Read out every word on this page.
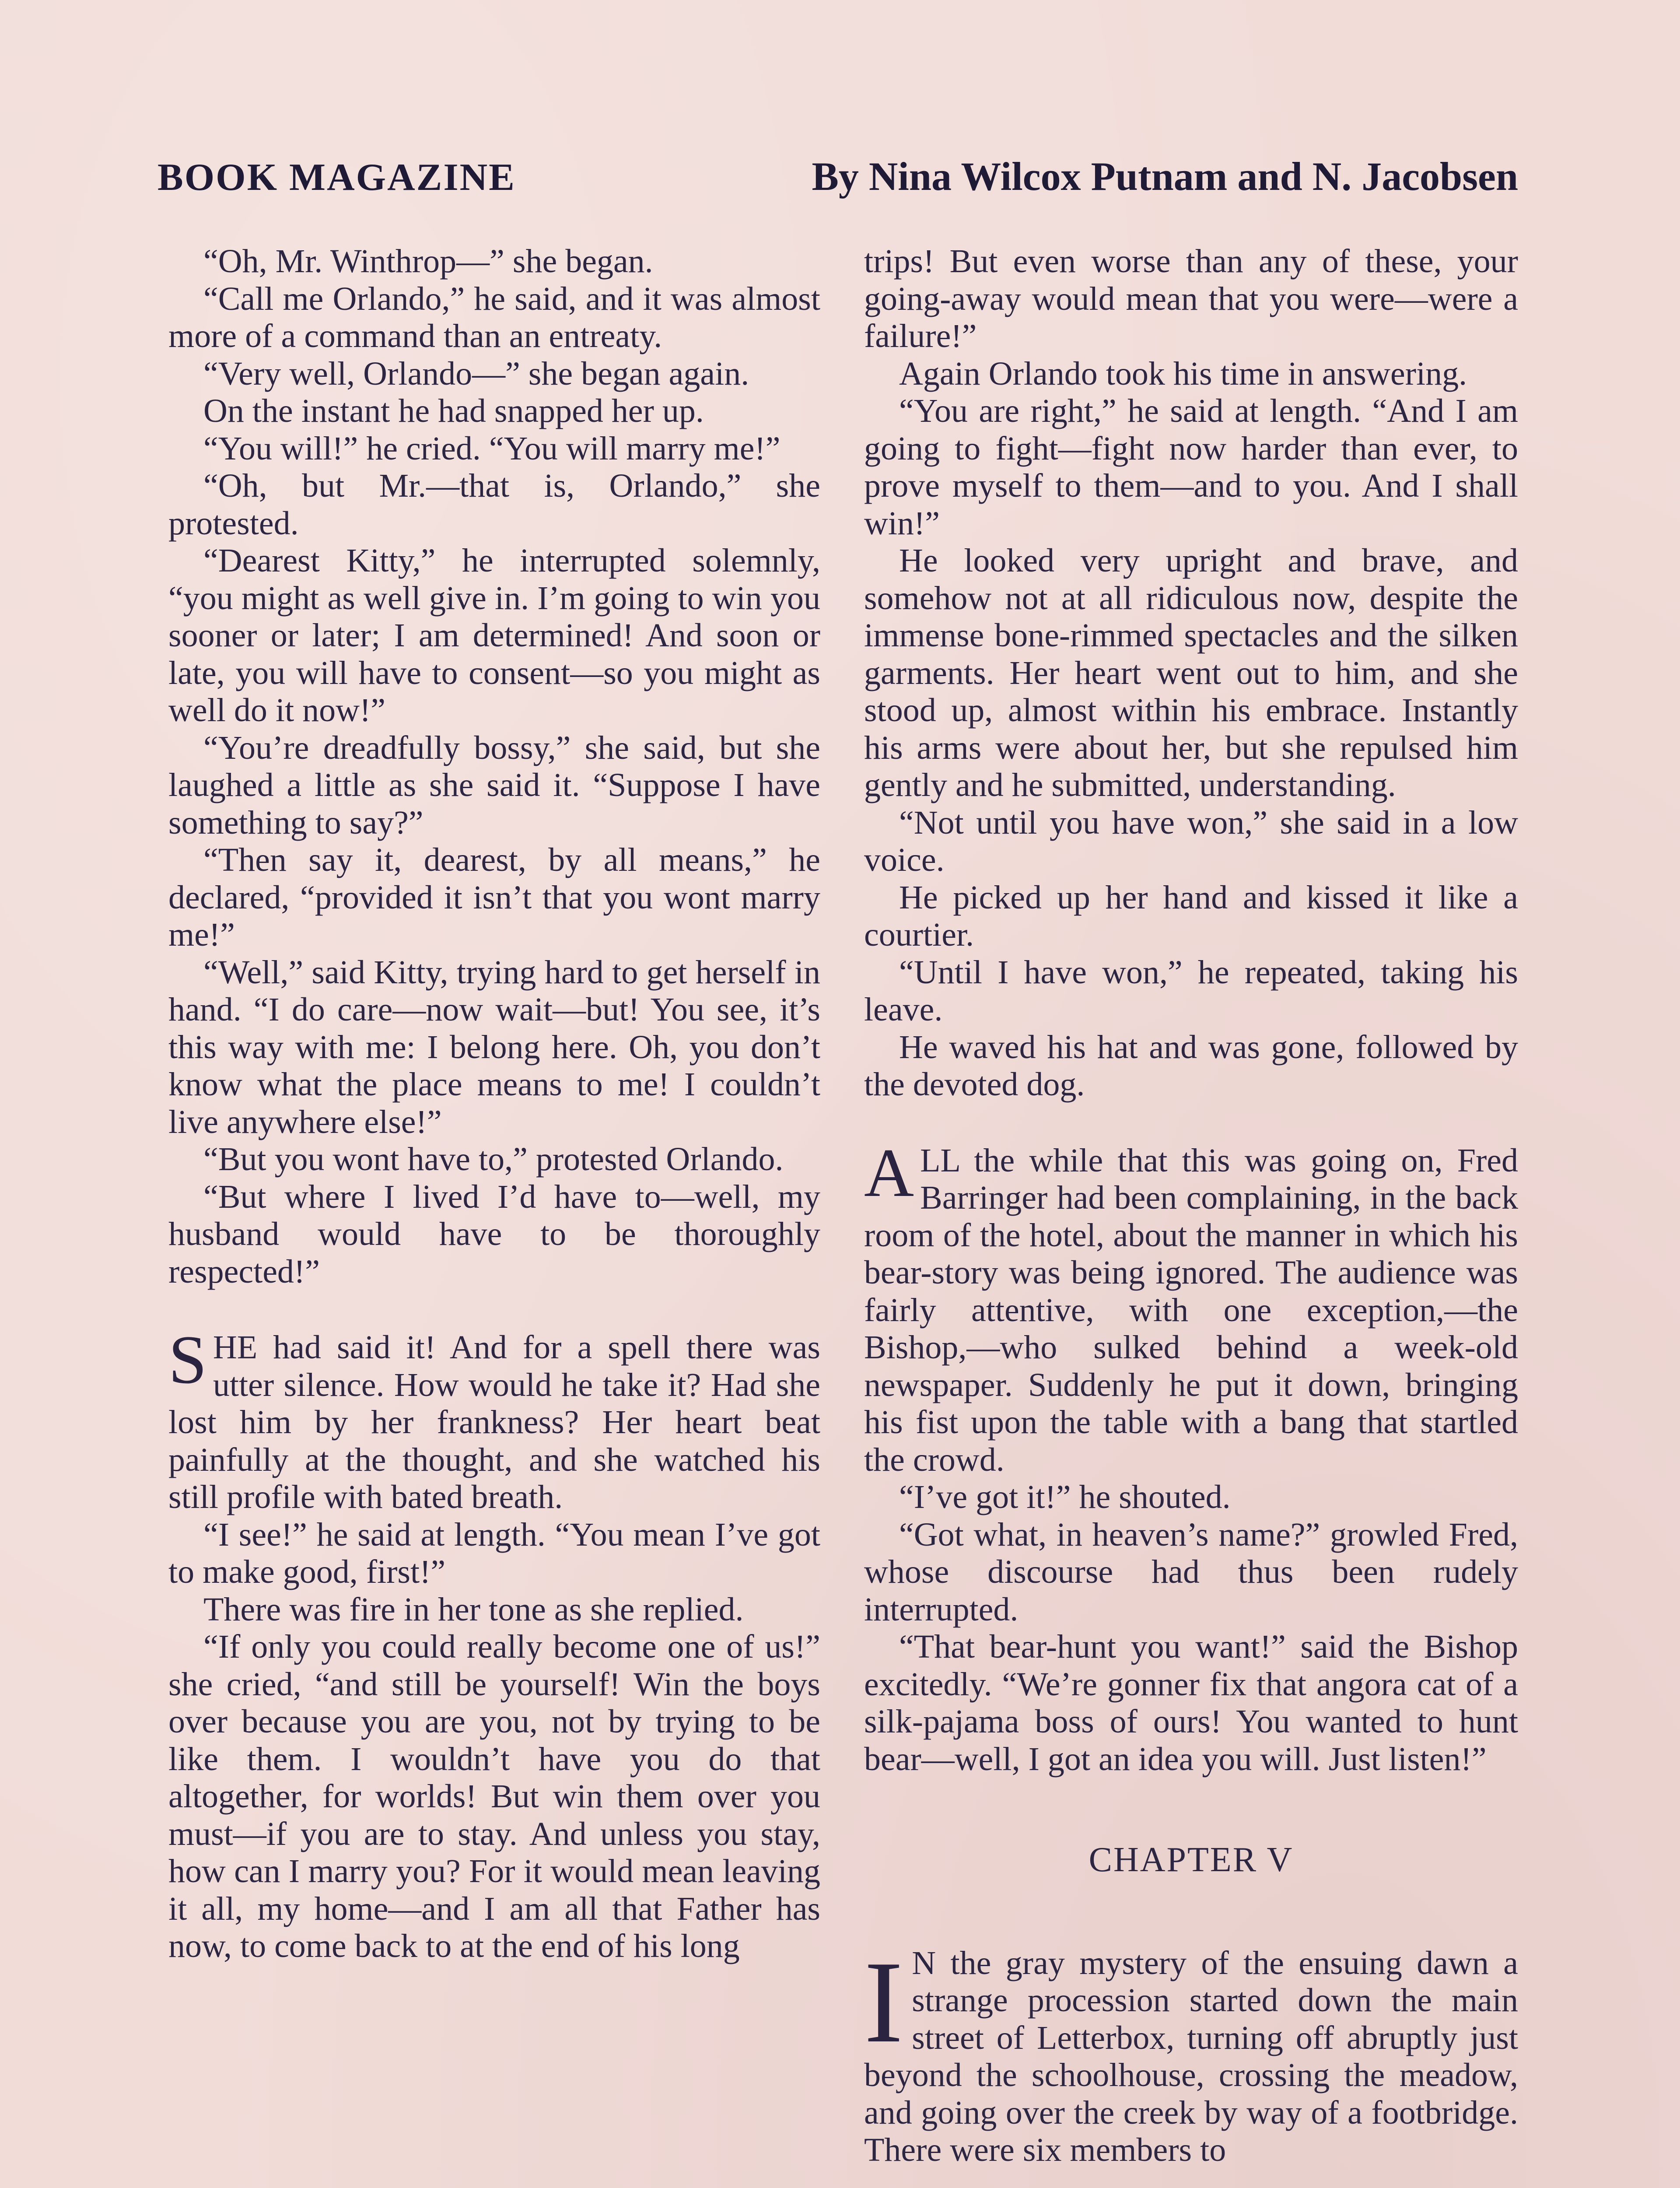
BOOK MAGAZINE	By Nina Wilcox Putnam and N. Jacobsen

“Oh, Mr. Winthrop—” she began.

“Call me Orlando,” he said, and it was almost more of a command than an entreaty.

“Very well, Orlando—” she began again.

On the instant he had snapped her up.

“You will!” he cried. “You will marry me!”

“Oh, but Mr.—that is, Orlando,” she protested.

“Dearest Kitty,” he interrupted solemnly, “you might as well give in. I’m going to win you sooner or later; I am determined! And soon or late, you will have to consent—so you might as well do it now!”

“You’re dreadfully bossy,” she said, but she laughed a little as she said it. “Suppose I have something to say?”

“Then say it, dearest, by all means,” he declared, “provided it isn’t that you wont marry me!”

“Well,” said Kitty, trying hard to get herself in hand. “I do care—now wait—but! You see, it’s this way with me: I belong here. Oh, you don’t know what the place means to me! I couldn’t live anywhere else!”

“But you wont have to,” protested Orlando.

“But where I lived I’d have to—well, my husband would have to be thoroughly respected!”

SHE had said it! And for a spell there was utter silence. How would he take it? Had she lost him by her frankness? Her heart beat painfully at the thought, and she watched his still profile with bated breath.

“I see!” he said at length. “You mean I’ve got to make good, first!”

There was fire in her tone as she replied.

“If only you could really become one of us!” she cried, “and still be yourself! Win the boys over because you are you, not by trying to be like them. I wouldn’t have you do that altogether, for worlds! But win them over you must—if you are to stay. And unless you stay, how can I marry you? For it would mean leaving it all, my home—and I am all that Father has now, to come back to at the end of his long

trips! But even worse than any of these, your going-away would mean that you were—were a failure!”

Again Orlando took his time in answering.

“You are right,” he said at length. “And I am going to fight—fight now harder than ever, to prove myself to them—and to you. And I shall win!”

He looked very upright and brave, and somehow not at all ridiculous now, despite the immense bone-rimmed spectacles and the silken garments. Her heart went out to him, and she stood up, almost within his embrace. Instantly his arms were about her, but she repulsed him gently and he submitted, understanding.

“Not until you have won,” she said in a low voice.

He picked up her hand and kissed it like a courtier.

“Until I have won,” he repeated, taking his leave.

He waved his hat and was gone, followed by the devoted dog.

ALL the while that this was going on, Fred Barringer had been complaining, in the back room of the hotel, about the manner in which his bear-story was being ignored. The audience was fairly attentive, with one exception,—the Bishop,—who sulked behind a week-old newspaper. Suddenly he put it down, bringing his fist upon the table with a bang that startled the crowd.

“I’ve got it!” he shouted.

“Got what, in heaven’s name?” growled Fred, whose discourse had thus been rudely interrupted.

“That bear-hunt you want!” said the Bishop excitedly. “We’re gonner fix that angora cat of a silk-pajama boss of ours! You wanted to hunt bear—well, I got an idea you will. Just listen!”

CHAPTER V

I N the gray mystery of the ensuing dawn a strange procession started down the main street of Letterbox, turning off abruptly just beyond the schoolhouse, crossing the meadow, and going over the creek by way of a footbridge. There were six members to
